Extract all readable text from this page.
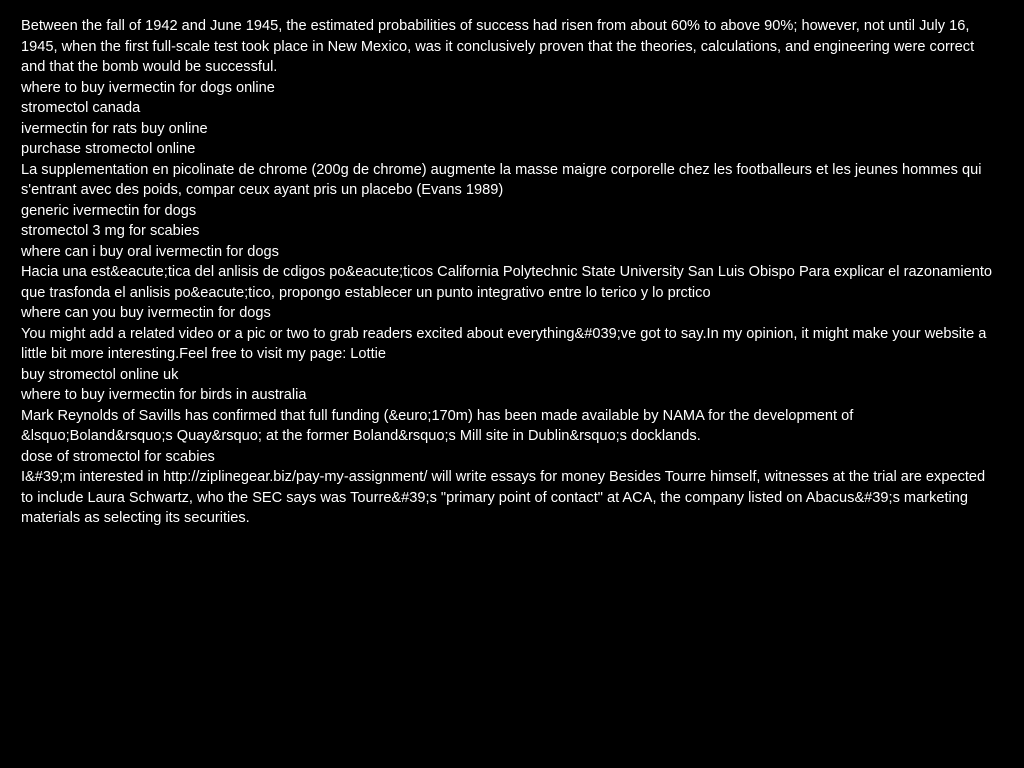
Between the fall of 1942 and June 1945, the estimated probabilities of success had risen from about 60% to above 90%; however, not until July 16, 1945, when the first full-scale test took place in New Mexico, was it conclusively proven that the theories, calculations, and engineering were correct and that the bomb would be successful.

where to buy ivermectin for dogs online

stromectol canada

ivermectin for rats buy online

purchase stromectol online

La supplementation en picolinate de chrome (200g de chrome) augmente la masse maigre corporelle chez les footballeurs et les jeunes hommes qui s'entrant avec des poids, compar ceux ayant pris un placebo (Evans 1989)

generic ivermectin for dogs

stromectol 3 mg for scabies

where can i buy oral ivermectin for dogs

Hacia una est&eacute;tica del anlisis de cdigos po&eacute;ticos California Polytechnic State University San Luis Obispo Para explicar el razonamiento que trasfonda el anlisis po&eacute;tico, propongo establecer un punto integrativo entre lo terico y lo prctico

where can you buy ivermectin for dogs

You might add a related video or a pic or two to grab readers excited about everything&#039;ve got to say.In my opinion, it might make your website a little bit more interesting.Feel free to visit my page: Lottie

buy stromectol online uk

where to buy ivermectin for birds in australia

Mark Reynolds of Savills has confirmed that full funding (&euro;170m) has been made available by NAMA for the development of &lsquo;Boland&rsquo;s Quay&rsquo; at the former Boland&rsquo;s Mill site in Dublin&rsquo;s docklands.

dose of stromectol for scabies

I&#39;m interested in http://ziplinegear.biz/pay-my-assignment/ will write essays for money Besides Tourre himself, witnesses at the trial are expected to include Laura Schwartz, who the SEC says was Tourre&#39;s "primary point of contact" at ACA, the company listed on Abacus&#39;s marketing materials as selecting its securities.
